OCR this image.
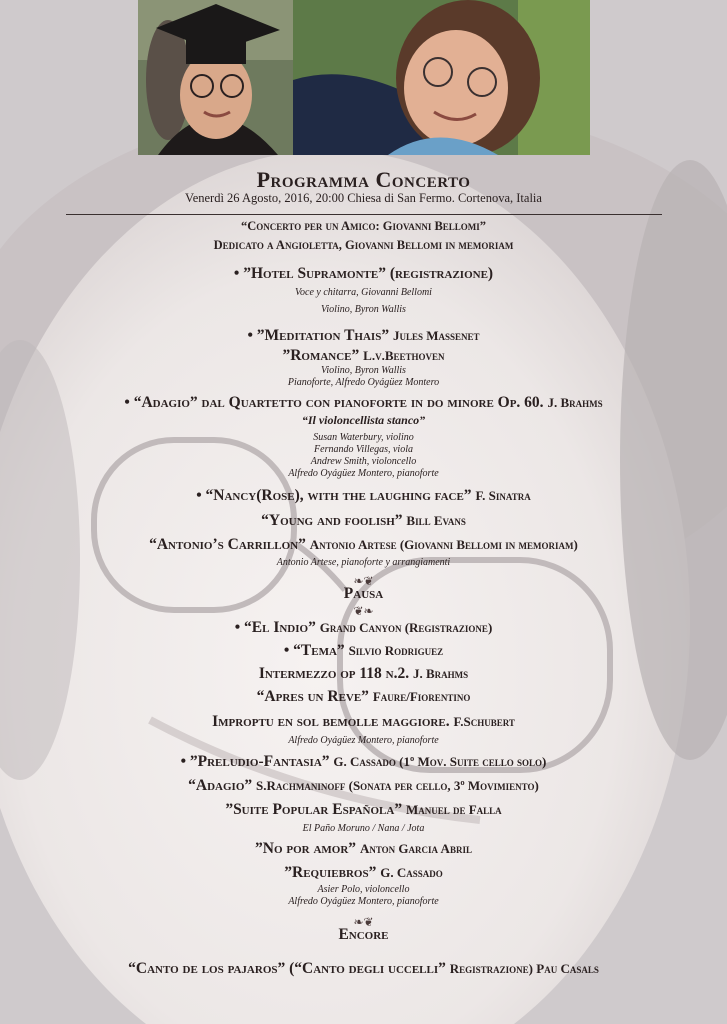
Programma Concerto
Venerdì 26 Agosto, 2016, 20:00 Chiesa di San Fermo. Cortenova, Italia
“Concerto per un Amico: Giovanni Bellomi”
Dedicato a Angioletta, Giovanni Bellomi in memoriam
• ”Hotel Supramonte” (registrazione)
Voce y chitarra, Giovanni Bellomi
Violino, Byron Wallis
• ”Meditation Thais” Jules Massenet
”Romance” L.v.Beethoven
Violino, Byron Wallis
Pianoforte, Alfredo Oyágüez Montero
• “Adagio” dal Quartetto con pianoforte in do minore Op. 60. J. Brahms
“Il violoncellista stanco”
Susan Waterbury, violino
Fernando Villegas, viola
Andrew Smith, violoncello
Alfredo Oyágüez Montero, pianoforte
• “Nancy(Rose), with the laughing face” F. Sinatra
“Young and foolish” Bill Evans
“Antonio’s Carrillon” Antonio Artese (Giovanni Bellomi in memoriam)
Antonio Artese, pianoforte y arrangiamenti
❧❦
Pausa
❦❧
• “El Indio” Grand Canyon (Registrazione)
• “Tema” Silvio Rodriguez
Intermezzo op 118 n.2. J. Brahms
“Apres un Reve” Faure/Fiorentino
Improptu en sol bemolle maggiore. F.Schubert
Alfredo Oyágüez Montero, pianoforte
• ”Preludio-Fantasia” G. Cassado (1º Mov. Suite cello solo)
“Adagio” S.Rachmaninoff (Sonata per cello, 3º Movimiento)
”Suite Popular Española” Manuel de Falla
El Paño Moruno / Nana / Jota
”No por amor” Anton Garcia Abril
”Requiebros” G. Cassado
Asier Polo, violoncello
Alfredo Oyágüez Montero, pianoforte
❧❦
Encore
“Canto de los pajaros” (“Canto degli uccelli” Registrazione) Pau Casals
